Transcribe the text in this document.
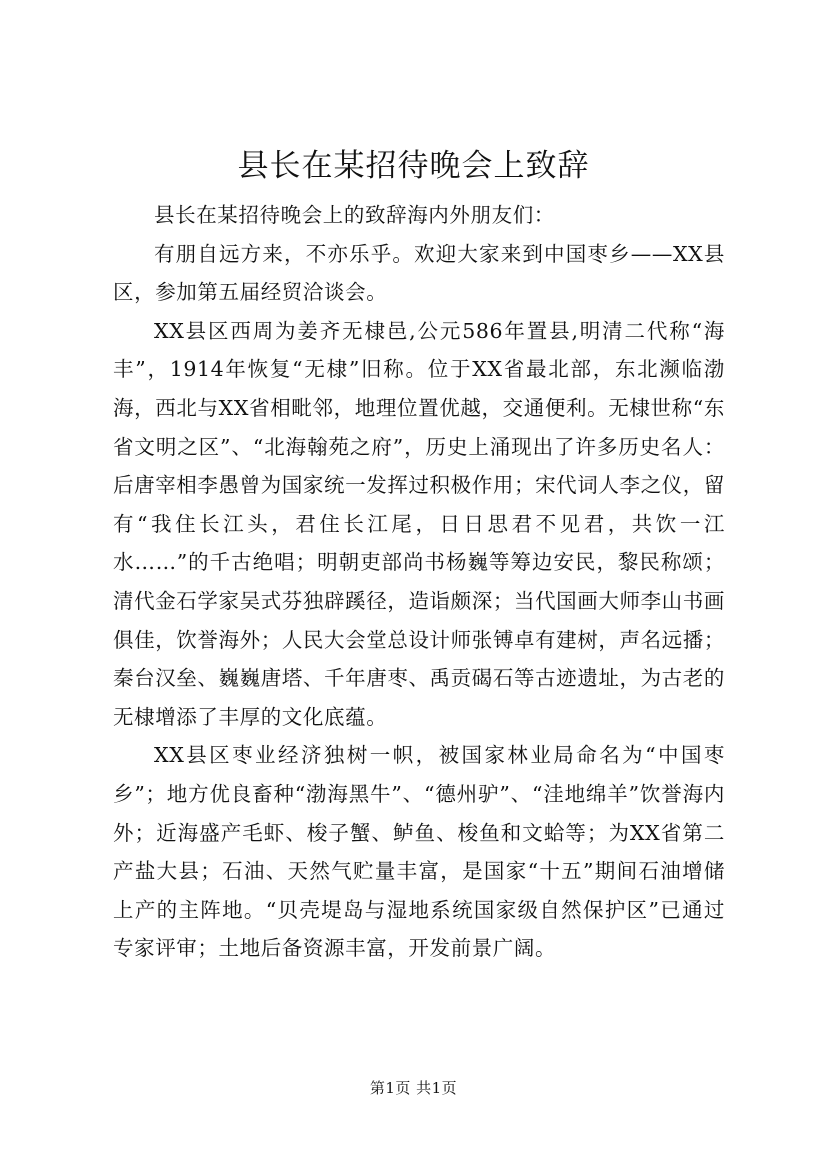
县长在某招待晚会上致辞

县长在某招待晚会上的致辞海内外朋友们：

有朋自远方来，不亦乐乎。欢迎大家来到中国枣乡——XX县区，参加第五届经贸洽谈会。

XX县区西周为姜齐无棣邑,公元586年置县,明清二代称“海丰”，1914年恢复“无棣”旧称。位于XX省最北部，东北濒临渤海，西北与XX省相毗邻，地理位置优越，交通便利。无棣世称“东省文明之区”、“北海翰苑之府”，历史上涌现出了许多历史名人：后唐宰相李愚曾为国家统一发挥过积极作用；宋代词人李之仪，留有“我住长江头，君住长江尾，日日思君不见君，共饮一江水……”的千古绝唱；明朝吏部尚书杨巍等筹边安民，黎民称颂；清代金石学家吴式芬独辟蹊径，造诣颇深；当代国画大师李山书画俱佳，饮誉海外；人民大会堂总设计师张镈卓有建树，声名远播；秦台汉垒、巍巍唐塔、千年唐枣、禹贡碣石等古迹遗址，为古老的无棣增添了丰厚的文化底蕴。

XX县区枣业经济独树一帜，被国家林业局命名为“中国枣乡”；地方优良畜种“渤海黑牛”、“德州驴”、“洼地绵羊”饮誉海内外；近海盛产毛虾、梭子蟹、鲈鱼、梭鱼和文蛤等；为XX省第二产盐大县；石油、天然气贮量丰富，是国家“十五”期间石油增储上产的主阵地。“贝壳堤岛与湿地系统国家级自然保护区”已通过专家评审；土地后备资源丰富，开发前景广阔。

第1页 共1页
